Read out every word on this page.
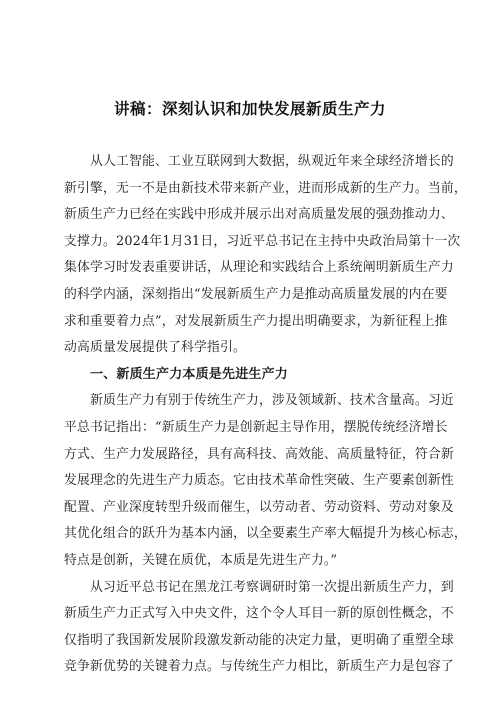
讲稿：深刻认识和加快发展新质生产力
从人工智能、工业互联网到大数据，纵观近年来全球经济增长的
新引擎，无一不是由新技术带来新产业，进而形成新的生产力。当前，
新质生产力已经在实践中形成并展示出对高质量发展的强劲推动力、
支撑力。2024年1月31日，习近平总书记在主持中央政治局第十一次
集体学习时发表重要讲话，从理论和实践结合上系统阐明新质生产力
的科学内涵，深刻指出“发展新质生产力是推动高质量发展的内在要
求和重要着力点”，对发展新质生产力提出明确要求，为新征程上推
动高质量发展提供了科学指引。
一、新质生产力本质是先进生产力
新质生产力有别于传统生产力，涉及领域新、技术含量高。习近
平总书记指出：“新质生产力是创新起主导作用，摆脱传统经济增长
方式、生产力发展路径，具有高科技、高效能、高质量特征，符合新
发展理念的先进生产力质态。它由技术革命性突破、生产要素创新性
配置、产业深度转型升级而催生，以劳动者、劳动资料、劳动对象及
其优化组合的跃升为基本内涵，以全要素生产率大幅提升为核心标志，
特点是创新，关键在质优，本质是先进生产力。”
从习近平总书记在黑龙江考察调研时第一次提出新质生产力，到
新质生产力正式写入中央文件，这个令人耳目一新的原创性概念，不
仅指明了我国新发展阶段激发新动能的决定力量，更明确了重塑全球
竞争新优势的关键着力点。与传统生产力相比，新质生产力是包容了
